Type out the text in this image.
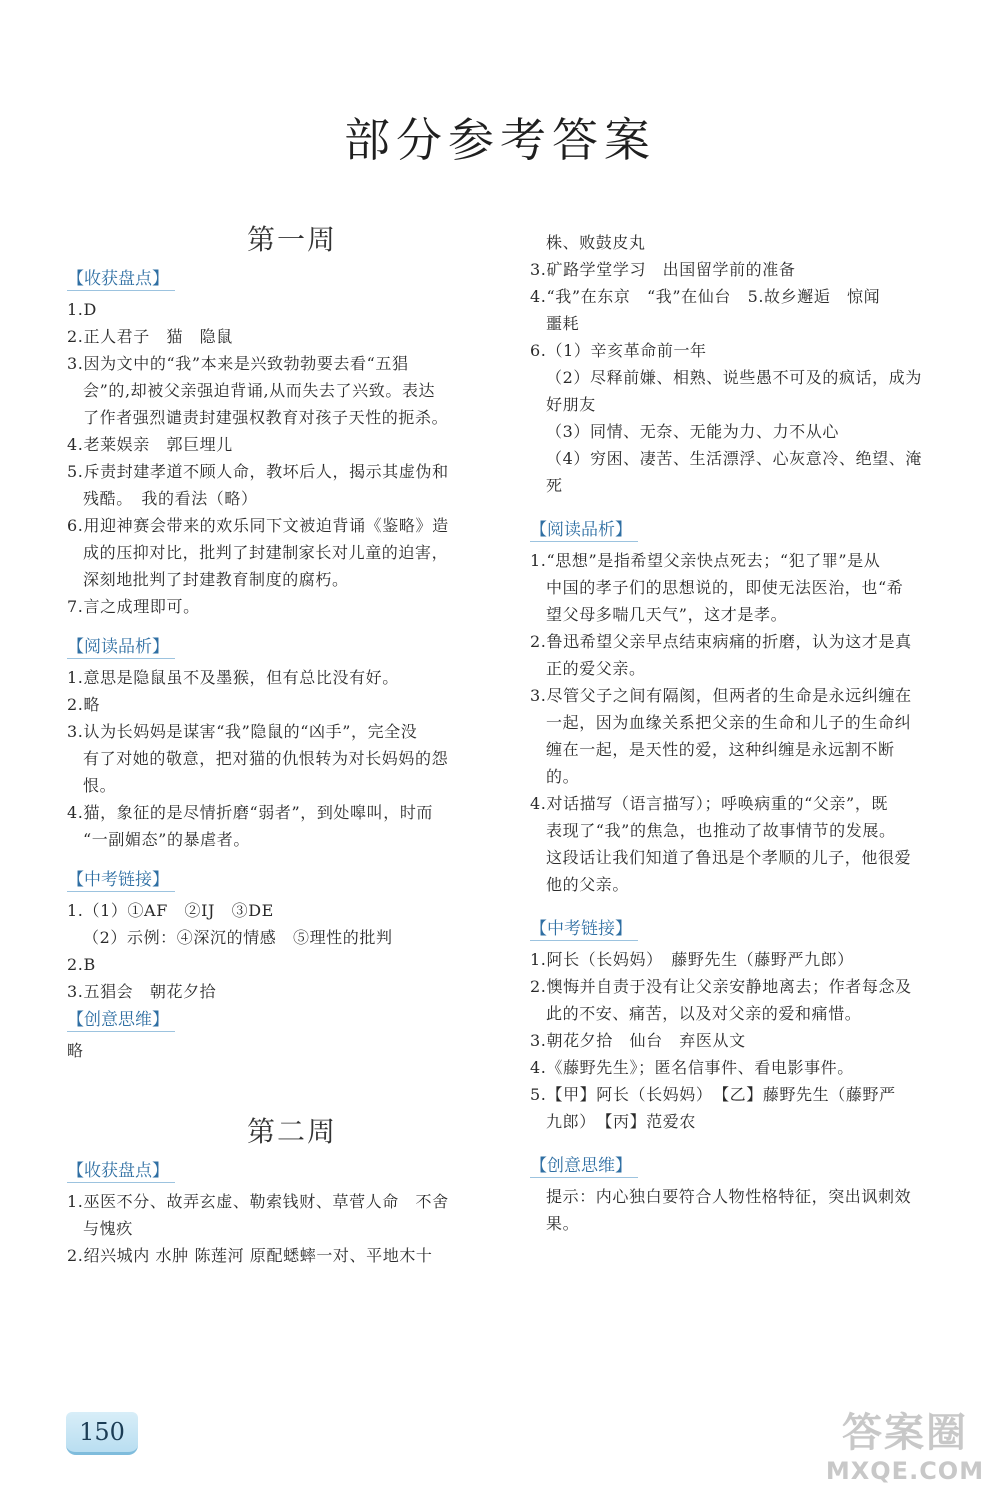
部分参考答案
第一周
【收获盘点】
1.D
2.正人君子　猫　隐鼠
3.因为文中的“我”本来是兴致勃勃要去看“五猖
会”的,却被父亲强迫背诵,从而失去了兴致。表达
了作者强烈谴责封建强权教育对孩子天性的扼杀。
4.老莱娱亲　郭巨埋儿
5.斥责封建孝道不顾人命，教坏后人，揭示其虚伪和
残酷。　我的看法（略）
6.用迎神赛会带来的欢乐同下文被迫背诵《鉴略》造
成的压抑对比，批判了封建制家长对儿童的迫害，
深刻地批判了封建教育制度的腐朽。
7.言之成理即可。
【阅读品析】
1.意思是隐鼠虽不及墨猴，但有总比没有好。
2.略
3.认为长妈妈是谋害“我”隐鼠的“凶手”，完全没
有了对她的敬意，把对猫的仇恨转为对长妈妈的怨
恨。
4.猫，象征的是尽情折磨“弱者”，到处嗥叫，时而
“一副媚态”的暴虐者。
【中考链接】
1.（1）①AF　②IJ　③DE
（2）示例：④深沉的情感　⑤理性的批判
2.B
3.五猖会　朝花夕拾
【创意思维】
略
第二周
【收获盘点】
1.巫医不分、故弄玄虚、勒索钱财、草菅人命　不舍
与愧疚
2.绍兴城内 水肿 陈莲河 原配蟋蟀一对、平地木十
株、败鼓皮丸
3.矿路学堂学习　出国留学前的准备
4.“我”在东京　“我”在仙台　5.故乡邂逅　惊闻
噩耗
6.（1）辛亥革命前一年
（2）尽释前嫌、相熟、说些愚不可及的疯话，成为
好朋友
（3）同情、无奈、无能为力、力不从心
（4）穷困、凄苦、生活漂浮、心灰意冷、绝望、淹
死
【阅读品析】
1.“思想”是指希望父亲快点死去；“犯了罪”是从
中国的孝子们的思想说的，即使无法医治，也“希
望父母多喘几天气”，这才是孝。
2.鲁迅希望父亲早点结束病痛的折磨，认为这才是真
正的爱父亲。
3.尽管父子之间有隔阂，但两者的生命是永远纠缠在
一起，因为血缘关系把父亲的生命和儿子的生命纠
缠在一起，是天性的爱，这种纠缠是永远割不断
的。
4.对话描写（语言描写）；呼唤病重的“父亲”，既
表现了“我”的焦急，也推动了故事情节的发展。
这段话让我们知道了鲁迅是个孝顺的儿子，他很爱
他的父亲。
【中考链接】
1.阿长（长妈妈）　藤野先生（藤野严九郎）
2.懊悔并自责于没有让父亲安静地离去；作者每念及
此的不安、痛苦，以及对父亲的爱和痛惜。
3.朝花夕拾　仙台　弃医从文
4.《藤野先生》；匿名信事件、看电影事件。
5.【甲】阿长（长妈妈）　【乙】藤野先生（藤野严
九郎）　【丙】范爱农
【创意思维】
提示：内心独白要符合人物性格特征，突出讽刺效
果。
150	答案圈
MXQE.COM
